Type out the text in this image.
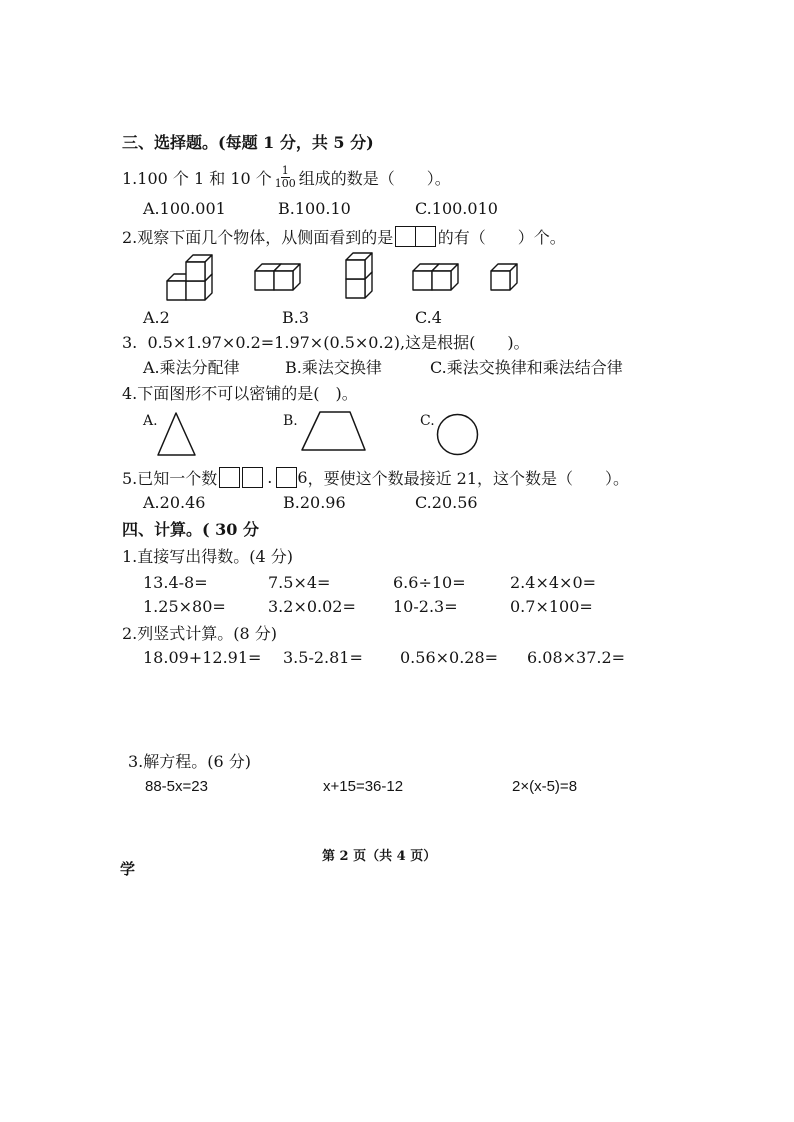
三、选择题。(每题 1 分，共 5 分)
1.100 个 1 和 10 个 $\frac{1}{100}$ 组成的数是（　　）。
A.100.001	B.100.10	C.100.010
2.观察下面几个物体，从侧面看到的是	的有（　　）个。
A.2	B.3	C.4
3.  0.5×1.97×0.2=1.97×(0.5×0.2),这是根据(　　)。
A.乘法分配律	B.乘法交换律	C.乘法交换律和乘法结合律
4.下面图形不可以密铺的是(　)。
A.	B.	C.
5.已知一个数	. 6 ，要使这个数最接近 21，这个数是（　　）。
A.20.46	B.20.96	C.20.56
四、计算。( 30 分
1.直接写出得数。(4 分)
13.4-8=	7.5×4=	6.6÷10=	2.4×4×0=
1.25×80=	3.2×0.02= 10-2.3=	0.7×100=
2.列竖式计算。(8 分)
18.09+12.91= 3.5-2.81= 0.56×0.28= 6.08×37.2=
3.解方程。(6 分)
88-5x=23	x+15=36-12	2×(x-5)=8
第 2 页（共 4 页）
学
